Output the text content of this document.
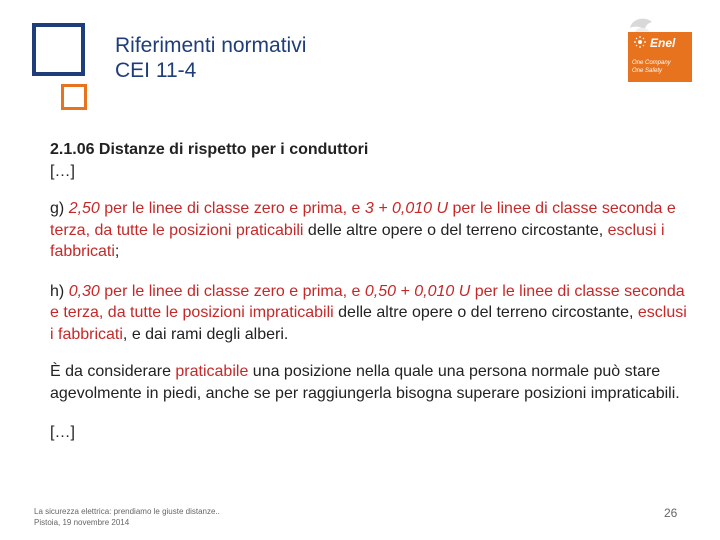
Riferimenti normativi
CEI 11-4
Enel
One Company
One Safety

2.1.06 Distanze di rispetto per i conduttori

[…]

g) 2,50 per le linee di classe zero e prima, e 3 + 0,010 U per le linee di classe seconda e terza, da tutte le posizioni praticabili delle altre opere o del terreno circostante, esclusi i fabbricati;

h) 0,30 per le linee di classe zero e prima, e 0,50 + 0,010 U per le linee di classe seconda e terza, da tutte le posizioni impraticabili delle altre opere o del terreno circostante, esclusi i fabbricati, e dai rami degli alberi.

È da considerare praticabile una posizione nella quale una persona normale può stare agevolmente in piedi, anche se per raggiungerla bisogna superare posizioni impraticabili.

[…]

La sicurezza elettrica: prendiamo le giuste distanze..
Pistoia, 19 novembre 2014
26
